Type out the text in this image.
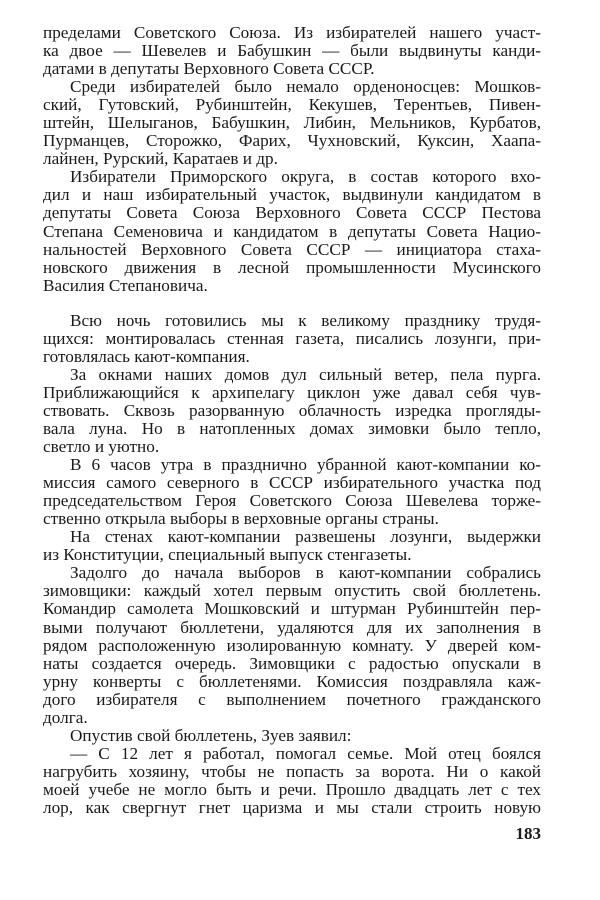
пределами Советского Союза. Из избирателей нашего участ-
ка двое — Шевелев и Бабушкин — были выдвинуты канди-
датами в депутаты Верховного Совета СССР.
Среди избирателей было немало орденоносцев: Мошков-
ский, Гутовский, Рубинштейн, Кекушев, Терентьев, Пивен-
штейн, Шелыганов, Бабушкин, Либин, Мельников, Курбатов,
Пурманцев, Сторожко, Фарих, Чухновский, Куксин, Хаапа-
лайнен, Рурский, Каратаев и др.
Избиратели Приморского округа, в состав которого вхо-
дил и наш избирательный участок, выдвинули кандидатом в
депутаты Совета Союза Верховного Совета СССР Пестова
Степана Семеновича и кандидатом в депутаты Совета Нацио-
нальностей Верховного Совета СССР — инициатора стаха-
новского движения в лесной промышленности Мусинского
Василия Степановича.
Всю ночь готовились мы к великому празднику трудя-
щихся: монтировалась стенная газета, писались лозунги, при-
готовлялась кают-компания.
За окнами наших домов дул сильный ветер, пела пурга.
Приближающийся к архипелагу циклон уже давал себя чув-
ствовать. Сквозь разорванную облачность изредка прогляды-
вала луна. Но в натопленных домах зимовки было тепло,
светло и уютно.
В 6 часов утра в празднично убранной кают-компании ко-
миссия самого северного в СССР избирательного участка под
председательством Героя Советского Союза Шевелева торже-
ственно открыла выборы в верховные органы страны.
На стенах кают-компании развешены лозунги, выдержки
из Конституции, специальный выпуск стенгазеты.
Задолго до начала выборов в кают-компании собрались
зимовщики: каждый хотел первым опустить свой бюллетень.
Командир самолета Мошковский и штурман Рубинштейн пер-
выми получают бюллетени, удаляются для их заполнения в
рядом расположенную изолированную комнату. У дверей ком-
наты создается очередь. Зимовщики с радостью опускали в
урну конверты с бюллетенями. Комиссия поздравляла каж-
дого избирателя с выполнением почетного гражданского
долга.
Опустив свой бюллетень, Зуев заявил:
— С 12 лет я работал, помогал семье. Мой отец боялся
нагрубить хозяину, чтобы не попасть за ворота. Ни о какой
моей учебе не могло быть и речи. Прошло двадцать лет с тех
лор, как свергнут гнет царизма и мы стали строить новую
183
